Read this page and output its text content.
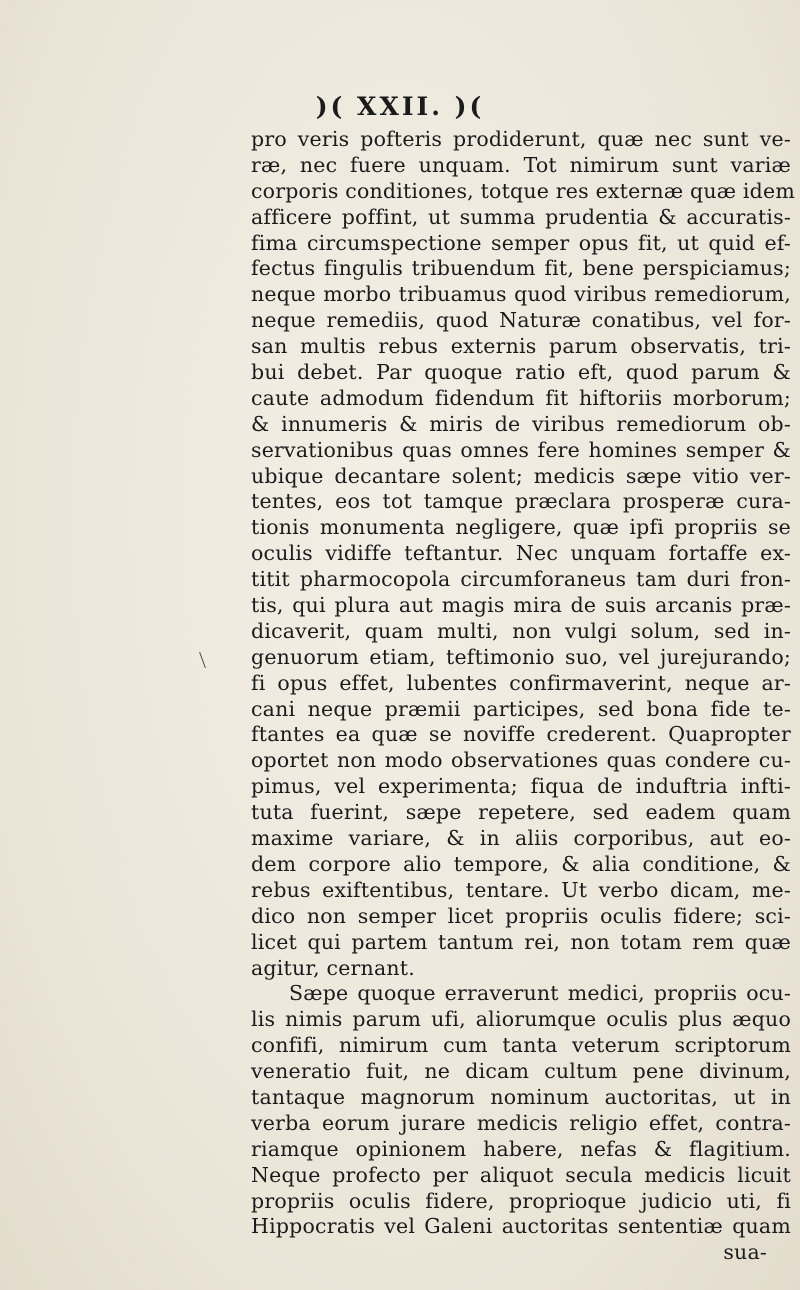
)( XXII. )(
pro veris pofteris prodiderunt, quæ nec sunt ve-
ræ, nec fuere unquam. Tot nimirum sunt variæ
corporis conditiones, totque res externæ quæ idem
afficere poffint, ut summa prudentia & accuratis-
fima circumspectione semper opus fit, ut quid ef-
fectus fingulis tribuendum fit, bene perspiciamus;
neque morbo tribuamus quod viribus remediorum,
neque remediis, quod Naturæ conatibus, vel for-
san multis rebus externis parum observatis, tri-
bui debet. Par quoque ratio eft, quod parum &
caute admodum fidendum fit hiftoriis morborum;
& innumeris & miris de viribus remediorum ob-
servationibus quas omnes fere homines semper &
ubique decantare solent; medicis sæpe vitio ver-
tentes, eos tot tamque præclara prosperæ cura-
tionis monumenta negligere, quæ ipfi propriis se
oculis vidiffe teftantur. Nec unquam fortaffe ex-
titit pharmocopola circumforaneus tam duri fron-
tis, qui plura aut magis mira de suis arcanis præ-
dicaverit, quam multi, non vulgi solum, sed in-
genuorum etiam, teftimonio suo, vel jurejurando;
fi opus effet, lubentes confirmaverint, neque ar-
cani neque præmii participes, sed bona fide te-
ftantes ea quæ se noviffe crederent. Quapropter
oportet non modo observationes quas condere cu-
pimus, vel experimenta; fiqua de induftria infti-
tuta fuerint, sæpe repetere, sed eadem quam
maxime variare, & in aliis corporibus, aut eo-
dem corpore alio tempore, & alia conditione, &
rebus exiftentibus, tentare. Ut verbo dicam, me-
dico non semper licet propriis oculis fidere; sci-
licet qui partem tantum rei, non totam rem quæ
agitur, cernant.
Sæpe quoque erraverunt medici, propriis ocu-
lis nimis parum ufi, aliorumque oculis plus æquo
confifi, nimirum cum tanta veterum scriptorum
veneratio fuit, ne dicam cultum pene divinum,
tantaque magnorum nominum auctoritas, ut in
verba eorum jurare medicis religio effet, contra-
riamque opinionem habere, nefas & flagitium.
Neque profecto per aliquot secula medicis licuit
propriis oculis fidere, proprioque judicio uti, fi
Hippocratis vel Galeni auctoritas sententiæ quam
sua-
